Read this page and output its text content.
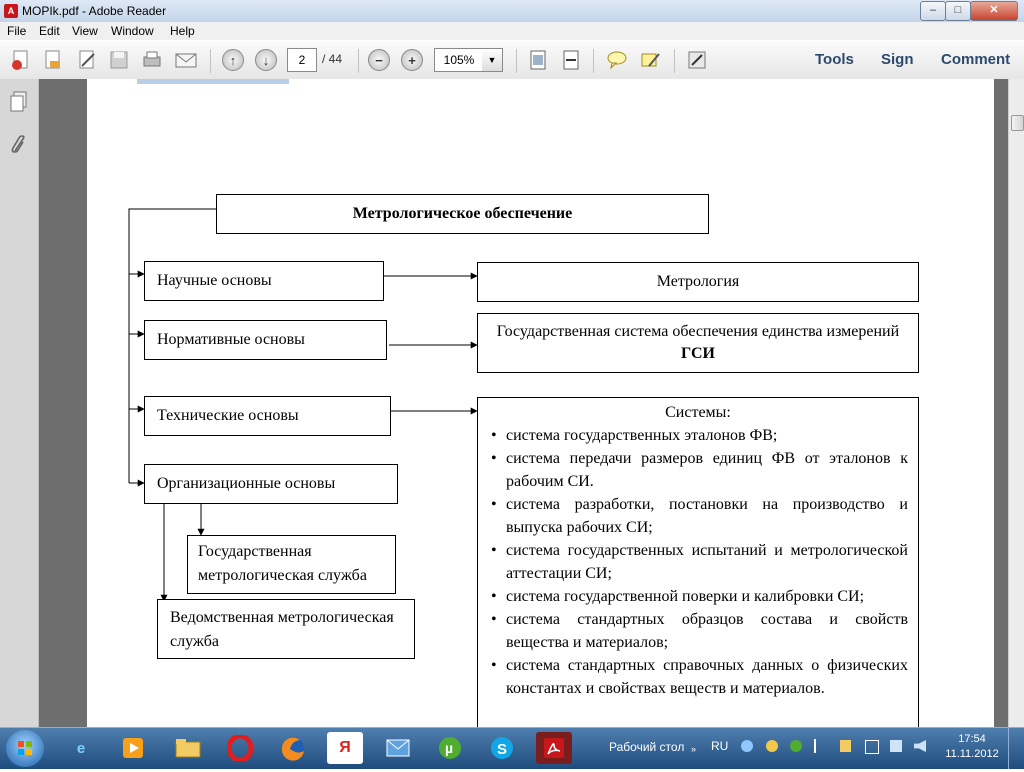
A MOPIk.pdf - Adobe Reader	–	□	✕
File Edit View Window Help
↑	↓	−	+
2	/ 44	105%	▼	Tools Sign Comment
Метрологическое обеспечение
Научные основы
Нормативные основы
Технические основы
Организационные основы
Метрология
Государственная система обеспечения единства измерений ГСИ
Системы:
• система государственных эталонов ФВ;
• система передачи размеров единиц ФВ от эталонов к рабочим СИ.
• система разработки, постановки на производство и выпуска рабочих СИ;
• система государственных испытаний и метрологической аттестации СИ;
• система государственной поверки и калибровки СИ;
• система стандартных образцов состава и свойств вещества и материалов;
• система стандартных справочных данных о физических константах и свойствах веществ и материалов.
Государственная метрологическая служба
Ведомственная метрологическая служба
e	Я	µ	S	Рабочий стол » RU	17:54
11.11.2012
